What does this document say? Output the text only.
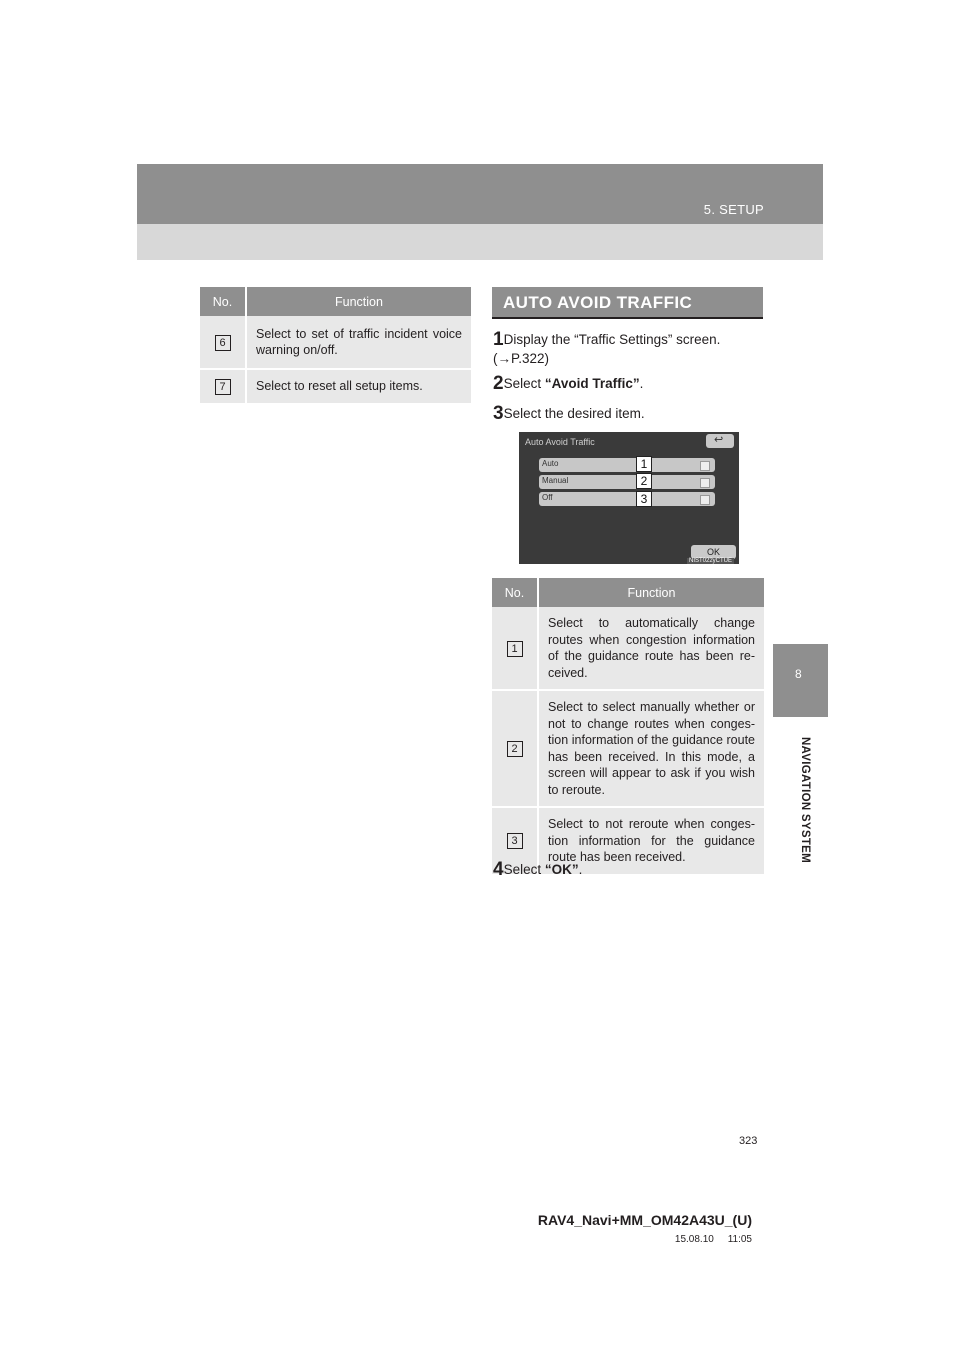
5. SETUP
8
NAVIGATION SYSTEM
No.	Function
6	Select to set of traffic incident voice warning on/off.
7	Select to reset all setup items.
AUTO AVOID TRAFFIC
1Display the “Traffic Settings” screen. (→P.322)
2Select “Avoid Traffic”.
3Select the desired item.
Auto Avoid Traffic	↩
Auto
Manual
Off
1
2
3
OK
NIST022yCTUE
No.	Function
1	Select to automatically change routes when congestion information of the guidance route has been re-ceived.
2	Select to select manually whether or not to change routes when conges-tion information of the guidance route has been received. In this mode, a screen will appear to ask if you wish to reroute.
3	Select to not reroute when conges-tion information for the guidance route has been received.
4Select “OK”.
323
RAV4_Navi+MM_OM42A43U_(U)
15.08.10     11:05
